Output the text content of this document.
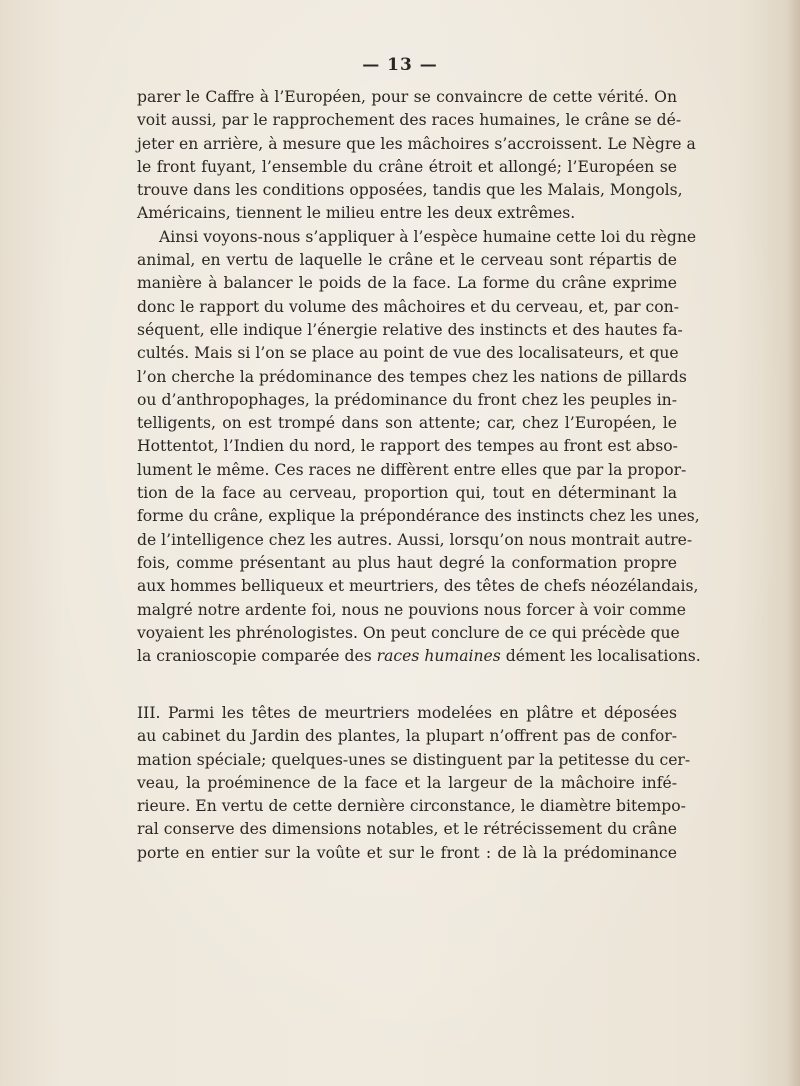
— 13 —
parer le Caffre à l’Européen, pour se convaincre de cette vérité. On
voit aussi, par le rapprochement des races humaines, le crâne se dé-
jeter en arrière, à mesure que les mâchoires s’accroissent. Le Nègre a
le front fuyant, l’ensemble du crâne étroit et allongé; l’Européen se
trouve dans les conditions opposées, tandis que les Malais, Mongols,
Américains, tiennent le milieu entre les deux extrêmes.
Ainsi voyons-nous s’appliquer à l’espèce humaine cette loi du règne
animal, en vertu de laquelle le crâne et le cerveau sont répartis de
manière à balancer le poids de la face. La forme du crâne exprime
donc le rapport du volume des mâchoires et du cerveau, et, par con-
séquent, elle indique l’énergie relative des instincts et des hautes fa-
cultés. Mais si l’on se place au point de vue des localisateurs, et que
l’on cherche la prédominance des tempes chez les nations de pillards
ou d’anthropophages, la prédominance du front chez les peuples in-
telligents, on est trompé dans son attente; car, chez l’Européen, le
Hottentot, l’Indien du nord, le rapport des tempes au front est abso-
lument le même. Ces races ne diffèrent entre elles que par la propor-
tion de la face au cerveau, proportion qui, tout en déterminant la
forme du crâne, explique la prépondérance des instincts chez les unes,
de l’intelligence chez les autres. Aussi, lorsqu’on nous montrait autre-
fois, comme présentant au plus haut degré la conformation propre
aux hommes belliqueux et meurtriers, des têtes de chefs néozélandais,
malgré notre ardente foi, nous ne pouvions nous forcer à voir comme
voyaient les phrénologistes. On peut conclure de ce qui précède que
la cranioscopie comparée des races humaines dément les localisations.
III. Parmi les têtes de meurtriers modelées en plâtre et déposées
au cabinet du Jardin des plantes, la plupart n’offrent pas de confor-
mation spéciale; quelques-unes se distinguent par la petitesse du cer-
veau, la proéminence de la face et la largeur de la mâchoire infé-
rieure. En vertu de cette dernière circonstance, le diamètre bitempo-
ral conserve des dimensions notables, et le rétrécissement du crâne
porte en entier sur la voûte et sur le front : de là la prédominance
